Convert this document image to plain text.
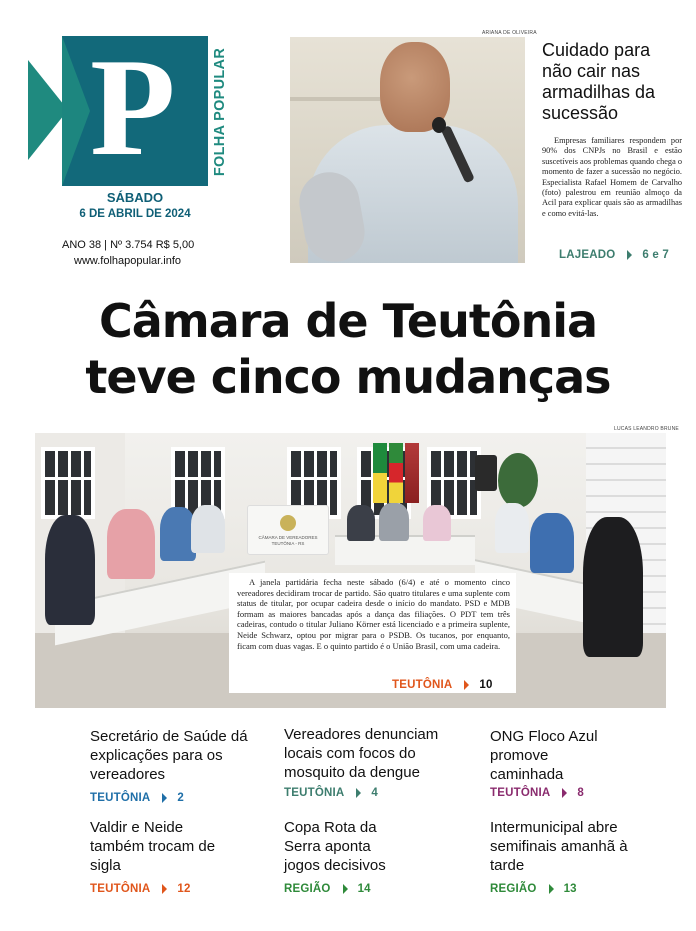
P	FOLHA POPULAR
SÁBADO
6 DE ABRIL DE 2024
ANO 38 | Nº 3.754 R$ 5,00
www.folhapopular.info
ARIANA DE OLIVEIRA
Cuidado para não cair nas armadilhas da sucessão
Empresas familiares respondem por 90% dos CNPJs no Brasil e estão suscetíveis aos problemas quando chega o momento de fazer a sucessão no negócio. Especialista Rafael Homem de Carvalho (foto) palestrou em reunião almoço da Acil para explicar quais são as armadilhas e como evitá-las.
LAJEADO 6 e 7
Câmara de Teutônia
teve cinco mudanças
LUCAS LEANDRO BRUNE
CÂMARA DE VEREADORES TEUTÔNIA - RS
A janela partidária fecha neste sábado (6/4) e até o momento cinco vereadores decidiram trocar de partido. São quatro titulares e uma suplente com status de titular, por ocupar cadeira desde o início do mandato. PSD e MDB formam as maiores bancadas após a dança das filiações. O PDT tem três cadeiras, contudo o titular Juliano Körner está licenciado e a primeira suplente, Neide Schwarz, optou por migrar para o PSDB. Os tucanos, por enquanto, ficam com duas vagas. E o quinto partido é o União Brasil, com uma cadeira.
TEUTÔNIA 10
Secretário de Saúde dá explicações para os vereadores
TEUTÔNIA 2
Vereadores denunciam locais com focos do mosquito da dengue
TEUTÔNIA 4
ONG Floco Azul promove caminhada
TEUTÔNIA 8
Valdir e Neide também trocam de sigla
TEUTÔNIA 12
Copa Rota da Serra aponta jogos decisivos
REGIÃO 14
Intermunicipal abre semifinais amanhã à tarde
REGIÃO 13
